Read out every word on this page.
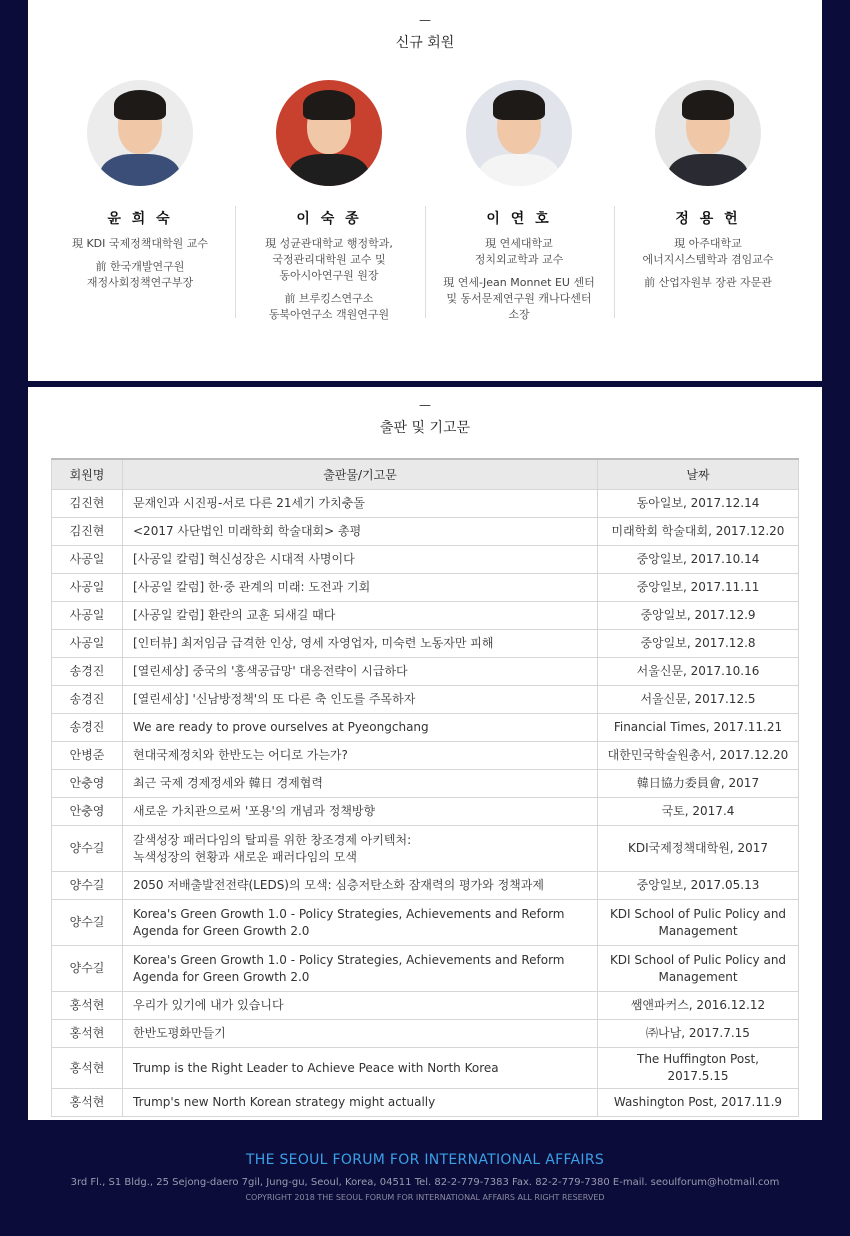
—
신규 회원
윤 희 숙
現 KDI 국제정책대학원 교수
前 한국개발연구원
재정사회정책연구부장
이 숙 종
現 성균관대학교 행정학과,
국정관리대학원 교수 및
동아시아연구원 원장
前 브루킹스연구소
동북아연구소 객원연구원
이 연 호
現 연세대학교
정치외교학과 교수
現 연세-Jean Monnet EU 센터
및 동서문제연구원 캐나다센터
소장
정 용 헌
現 아주대학교
에너지시스템학과 겸임교수
前 산업자원부 장관 자문관
—
출판 및 기고문
회원명	출판물/기고문	날짜
김진현	문재인과 시진핑-서로 다른 21세기 가치충돌	동아일보, 2017.12.14
김진현	<2017 사단법인 미래학회 학술대회> 총평	미래학회 학술대회, 2017.12.20
사공일	[사공일 칼럼] 혁신성장은 시대적 사명이다	중앙일보, 2017.10.14
사공일	[사공일 칼럼] 한·중 관계의 미래: 도전과 기회	중앙일보, 2017.11.11
사공일	[사공일 칼럼] 환란의 교훈 되새길 때다	중앙일보, 2017.12.9
사공일	[인터뷰] 최저임금 급격한 인상, 영세 자영업자, 미숙련 노동자만 피해	중앙일보, 2017.12.8
송경진	[열린세상] 중국의 '홍색공급망' 대응전략이 시급하다	서울신문, 2017.10.16
송경진	[열린세상] '신남방정책'의 또 다른 축 인도를 주목하자	서울신문, 2017.12.5
송경진	We are ready to prove ourselves at Pyeongchang	Financial Times, 2017.11.21
안병준	현대국제정치와 한반도는 어디로 가는가?	대한민국학술원총서, 2017.12.20
안충영	최근 국제 경제정세와 韓日 경제협력	韓日協力委員會, 2017
안충영	새로운 가치관으로써 '포용'의 개념과 정책방향	국토, 2017.4
양수길	갈색성장 패러다임의 탈피를 위한 창조경제 아키텍처:
녹색성장의 현황과 새로운 패러다임의 모색	KDI국제정책대학원, 2017
양수길	2050 저배출발전전략(LEDS)의 모색: 심층저탄소화 잠재력의 평가와 정책과제	중앙일보, 2017.05.13
양수길	Korea's Green Growth 1.0 - Policy Strategies, Achievements and Reform
Agenda for Green Growth 2.0	KDI School of Pulic Policy and
Management
양수길	Korea's Green Growth 1.0 - Policy Strategies, Achievements and Reform
Agenda for Green Growth 2.0	KDI School of Pulic Policy and
Management
홍석현	우리가 있기에 내가 있습니다	쌤앤파커스, 2016.12.12
홍석현	한반도평화만들기	㈜나남, 2017.7.15
홍석현	Trump is the Right Leader to Achieve Peace with North Korea	The Huffington Post, 2017.5.15
홍석현	Trump's new North Korean strategy might actually	Washington Post, 2017.11.9
THE SEOUL FORUM FOR INTERNATIONAL AFFAIRS
3rd Fl., S1 Bldg., 25 Sejong-daero 7gil, Jung-gu, Seoul, Korea, 04511 Tel. 82-2-779-7383 Fax. 82-2-779-7380 E-mail. seoulforum@hotmail.com
COPYRIGHT 2018 THE SEOUL FORUM FOR INTERNATIONAL AFFAIRS ALL RIGHT RESERVED
